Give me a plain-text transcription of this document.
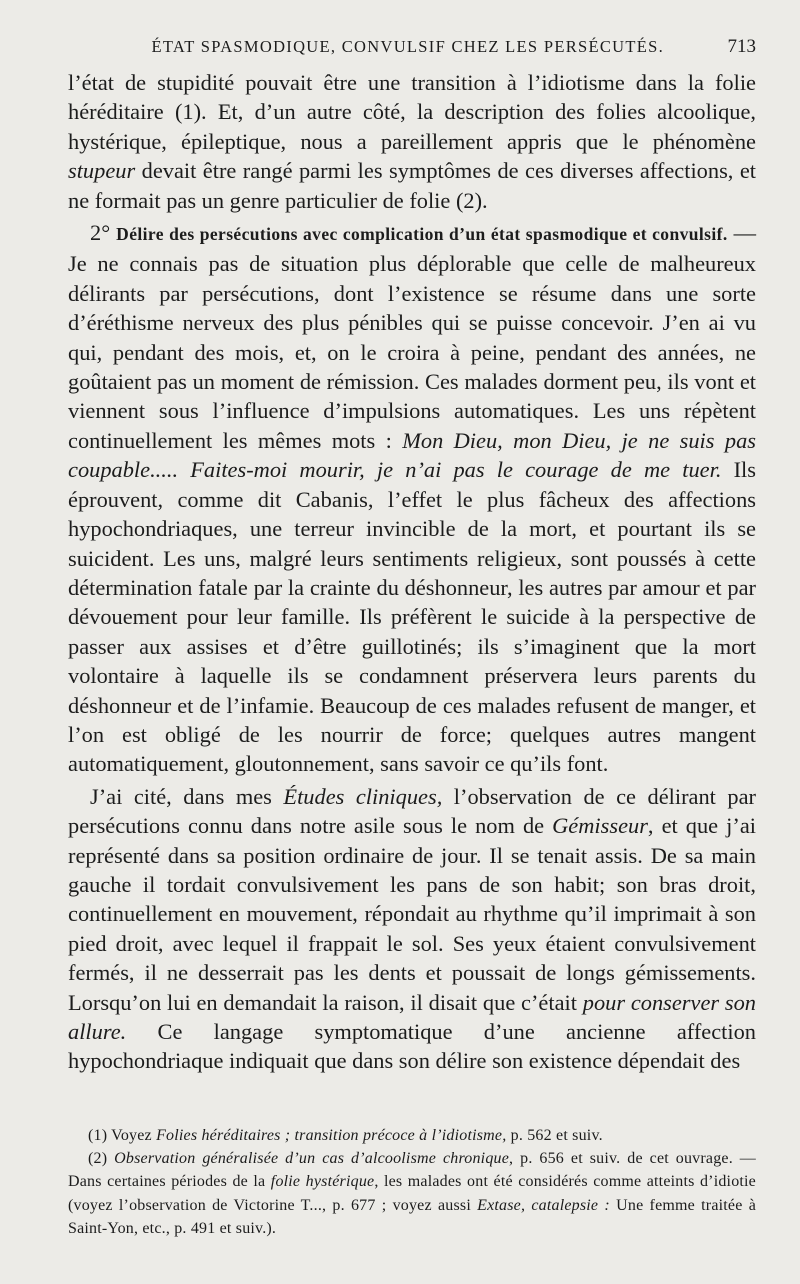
ÉTAT SPASMODIQUE, CONVULSIF CHEZ LES PERSÉCUTÉS.	713

l’état de stupidité pouvait être une transition à l’idiotisme dans la folie héréditaire (1). Et, d’un autre côté, la description des folies alcoolique, hystérique, épileptique, nous a pareillement appris que le phénomène stupeur devait être rangé parmi les symptômes de ces diverses affections, et ne formait pas un genre particulier de folie (2).

2° Délire des persécutions avec complication d’un état spasmodique et convulsif. — Je ne connais pas de situation plus déplorable que celle de malheureux délirants par persécutions, dont l’existence se résume dans une sorte d’éréthisme nerveux des plus pénibles qui se puisse concevoir. J’en ai vu qui, pendant des mois, et, on le croira à peine, pendant des années, ne goûtaient pas un moment de rémission. Ces malades dorment peu, ils vont et viennent sous l’influence d’impulsions automatiques. Les uns répètent continuellement les mêmes mots : Mon Dieu, mon Dieu, je ne suis pas coupable..... Faites-moi mourir, je n’ai pas le courage de me tuer. Ils éprouvent, comme dit Cabanis, l’effet le plus fâcheux des affections hypochondriaques, une terreur invincible de la mort, et pourtant ils se suicident. Les uns, malgré leurs sentiments religieux, sont poussés à cette détermination fatale par la crainte du déshonneur, les autres par amour et par dévouement pour leur famille. Ils préfèrent le suicide à la perspective de passer aux assises et d’être guillotinés; ils s’imaginent que la mort volontaire à laquelle ils se condamnent préservera leurs parents du déshonneur et de l’infamie. Beaucoup de ces malades refusent de manger, et l’on est obligé de les nourrir de force; quelques autres mangent automatiquement, gloutonnement, sans savoir ce qu’ils font.

J’ai cité, dans mes Études cliniques, l’observation de ce délirant par persécutions connu dans notre asile sous le nom de Gémisseur, et que j’ai représenté dans sa position ordinaire de jour. Il se tenait assis. De sa main gauche il tordait convulsivement les pans de son habit; son bras droit, continuellement en mouvement, répondait au rhythme qu’il imprimait à son pied droit, avec lequel il frappait le sol. Ses yeux étaient convulsivement fermés, il ne desserrait pas les dents et poussait de longs gémissements. Lorsqu’on lui en demandait la raison, il disait que c’était pour conserver son allure. Ce langage symptomatique d’une ancienne affection hypochondriaque indiquait que dans son délire son existence dépendait des

(1) Voyez Folies héréditaires ; transition précoce à l’idiotisme, p. 562 et suiv.

(2) Observation généralisée d’un cas d’alcoolisme chronique, p. 656 et suiv. de cet ouvrage. — Dans certaines périodes de la folie hystérique, les malades ont été considérés comme atteints d’idiotie (voyez l’observation de Victorine T..., p. 677 ; voyez aussi Extase, catalepsie : Une femme traitée à Saint-Yon, etc., p. 491 et suiv.).
